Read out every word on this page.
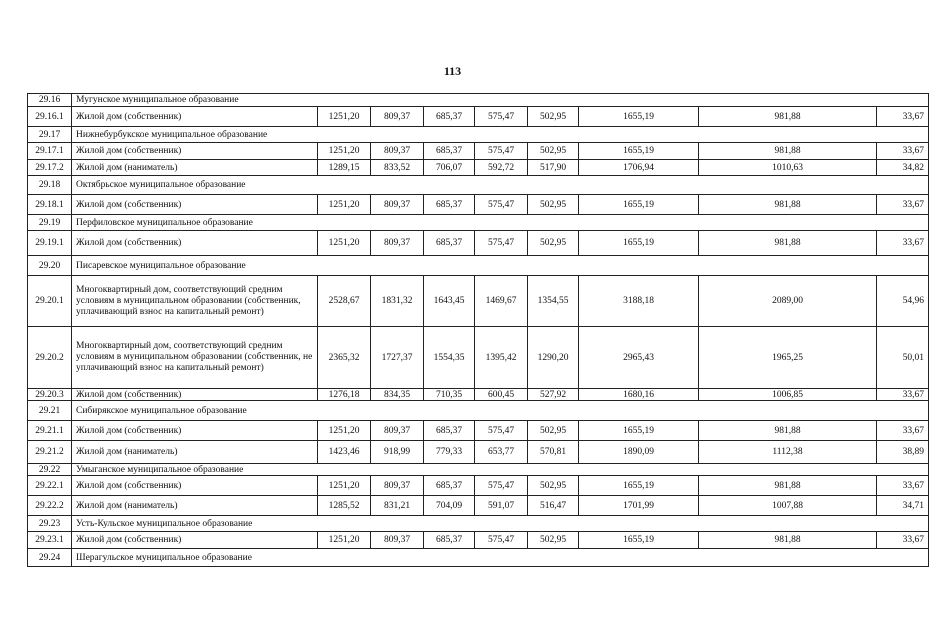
113
29.16	Мугунское муниципальное образование								
29.16.1	Жилой дом (собственник)	1251,20	809,37	685,37	575,47	502,95	1655,19	981,88	33,67
29.17	Нижнебурбукское муниципальное образование								
29.17.1	Жилой дом (собственник)	1251,20	809,37	685,37	575,47	502,95	1655,19	981,88	33,67
29.17.2	Жилой дом (наниматель)	1289,15	833,52	706,07	592,72	517,90	1706,94	1010,63	34,82
29.18	Октябрьское муниципальное образование								
29.18.1	Жилой дом (собственник)	1251,20	809,37	685,37	575,47	502,95	1655,19	981,88	33,67
29.19	Перфиловское муниципальное образование								
29.19.1	Жилой дом (собственник)	1251,20	809,37	685,37	575,47	502,95	1655,19	981,88	33,67
29.20	Писаревское муниципальное образование								
29.20.1	Многоквартирный дом, соответствующий средним условиям в муниципальном образовании (собственник, уплачивающий взнос на капитальный ремонт)	2528,67	1831,32	1643,45	1469,67	1354,55	3188,18	2089,00	54,96
29.20.2	Многоквартирный дом, соответствующий средним условиям в муниципальном образовании (собственник, не уплачивающий взнос на капитальный ремонт)	2365,32	1727,37	1554,35	1395,42	1290,20	2965,43	1965,25	50,01
29.20.3	Жилой дом (собственник)	1276,18	834,35	710,35	600,45	527,92	1680,16	1006,85	33,67
29.21	Сибирякское муниципальное образование								
29.21.1	Жилой дом (собственник)	1251,20	809,37	685,37	575,47	502,95	1655,19	981,88	33,67
29.21.2	Жилой дом (наниматель)	1423,46	918,99	779,33	653,77	570,81	1890,09	1112,38	38,89
29.22	Умыганское муниципальное образование								
29.22.1	Жилой дом (собственник)	1251,20	809,37	685,37	575,47	502,95	1655,19	981,88	33,67
29.22.2	Жилой дом (наниматель)	1285,52	831,21	704,09	591,07	516,47	1701,99	1007,88	34,71
29.23	Усть-Кульское муниципальное образование								
29.23.1	Жилой дом (собственник)	1251,20	809,37	685,37	575,47	502,95	1655,19	981,88	33,67
29.24	Шерагульское муниципальное образование								
